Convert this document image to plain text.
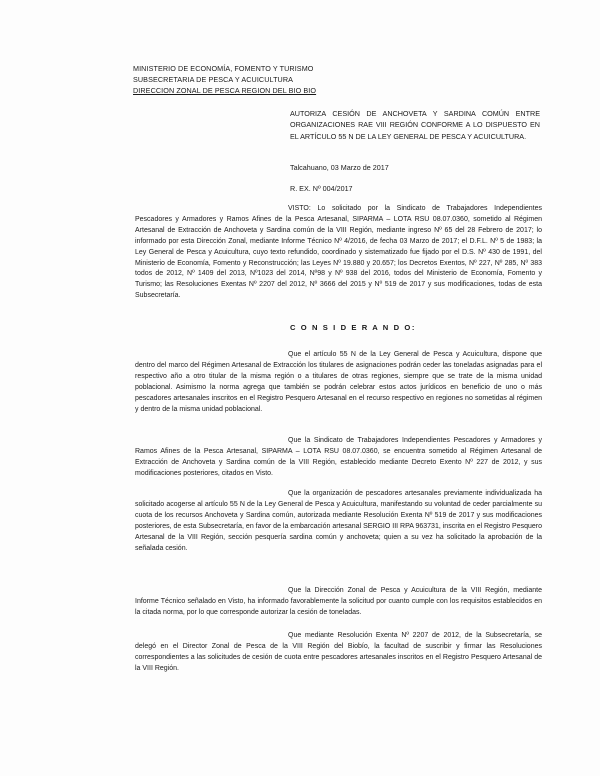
MINISTERIO DE ECONOMÍA, FOMENTO Y TURISMO
SUBSECRETARIA DE PESCA Y ACUICULTURA
DIRECCION ZONAL DE PESCA REGION DEL BIO BIO
AUTORIZA CESIÓN DE ANCHOVETA Y SARDINA COMÚN ENTRE ORGANIZACIONES RAE VIII REGIÓN CONFORME A LO DISPUESTO EN EL ARTÍCULO 55 N DE LA LEY GENERAL DE PESCA Y ACUICULTURA.
Talcahuano, 03 Marzo de 2017
R. EX. Nº 004/2017
VISTO: Lo solicitado por la Sindicato de Trabajadores Independientes Pescadores y Armadores y Ramos Afines de la Pesca Artesanal, SIPARMA – LOTA RSU 08.07.0360, sometido al Régimen Artesanal de Extracción de Anchoveta y Sardina común de la VIII Región, mediante ingreso Nº 65 del 28 Febrero de 2017; lo informado por esta Dirección Zonal, mediante Informe Técnico Nº 4/2016, de fecha 03 Marzo de 2017; el D.F.L. Nº 5 de 1983; la Ley General de Pesca y Acuicultura, cuyo texto refundido, coordinado y sistematizado fue fijado por el D.S. Nº 430 de 1991, del Ministerio de Economía, Fomento y Reconstrucción; las Leyes Nº 19.880 y 20.657; los Decretos Exentos, Nº 227, Nº 285, Nº 383 todos de 2012, Nº 1409 del 2013, Nº1023 del 2014, Nº98 y Nº 938 del 2016, todos del Ministerio de Economía, Fomento y Turismo; las Resoluciones Exentas Nº 2207 del 2012, Nº 3666 del 2015 y Nº 519 de 2017 y sus modificaciones, todas de esta Subsecretaría.
C O N S I D E R A N D O:
Que el artículo 55 N de la Ley General de Pesca y Acuicultura, dispone que dentro del marco del Régimen Artesanal de Extracción los titulares de asignaciones podrán ceder las toneladas asignadas para el respectivo año a otro titular de la misma región o a titulares de otras regiones, siempre que se trate de la misma unidad poblacional. Asimismo la norma agrega que también se podrán celebrar estos actos jurídicos en beneficio de uno o más pescadores artesanales inscritos en el Registro Pesquero Artesanal en el recurso respectivo en regiones no sometidas al régimen y dentro de la misma unidad poblacional.
Que la Sindicato de Trabajadores Independientes Pescadores y Armadores y Ramos Afines de la Pesca Artesanal, SIPARMA – LOTA RSU 08.07.0360, se encuentra sometido al Régimen Artesanal de Extracción de Anchoveta y Sardina común de la VIII Región, establecido mediante Decreto Exento Nº 227 de 2012, y sus modificaciones posteriores, citados en Visto.
Que la organización de pescadores artesanales previamente individualizada ha solicitado acogerse al artículo 55 N de la Ley General de Pesca y Acuicultura, manifestando su voluntad de ceder parcialmente su cuota de los recursos Anchoveta y Sardina común, autorizada mediante Resolución Exenta Nº 519 de 2017 y sus modificaciones posteriores, de esta Subsecretaría, en favor de la embarcación artesanal SERGIO III RPA 963731, inscrita en el Registro Pesquero Artesanal de la VIII Región, sección pesquería sardina común y anchoveta; quien a su vez ha solicitado la aprobación de la señalada cesión.
Que la Dirección Zonal de Pesca y Acuicultura de la VIII Región, mediante Informe Técnico señalado en Visto, ha informado favorablemente la solicitud por cuanto cumple con los requisitos establecidos en la citada norma, por lo que corresponde autorizar la cesión de toneladas.
Que mediante Resolución Exenta Nº 2207 de 2012, de la Subsecretaría, se delegó en el Director Zonal de Pesca de la VIII Región del Biobío, la facultad de suscribir y firmar las Resoluciones correspondientes a las solicitudes de cesión de cuota entre pescadores artesanales inscritos en el Registro Pesquero Artesanal de la VIII Región.
